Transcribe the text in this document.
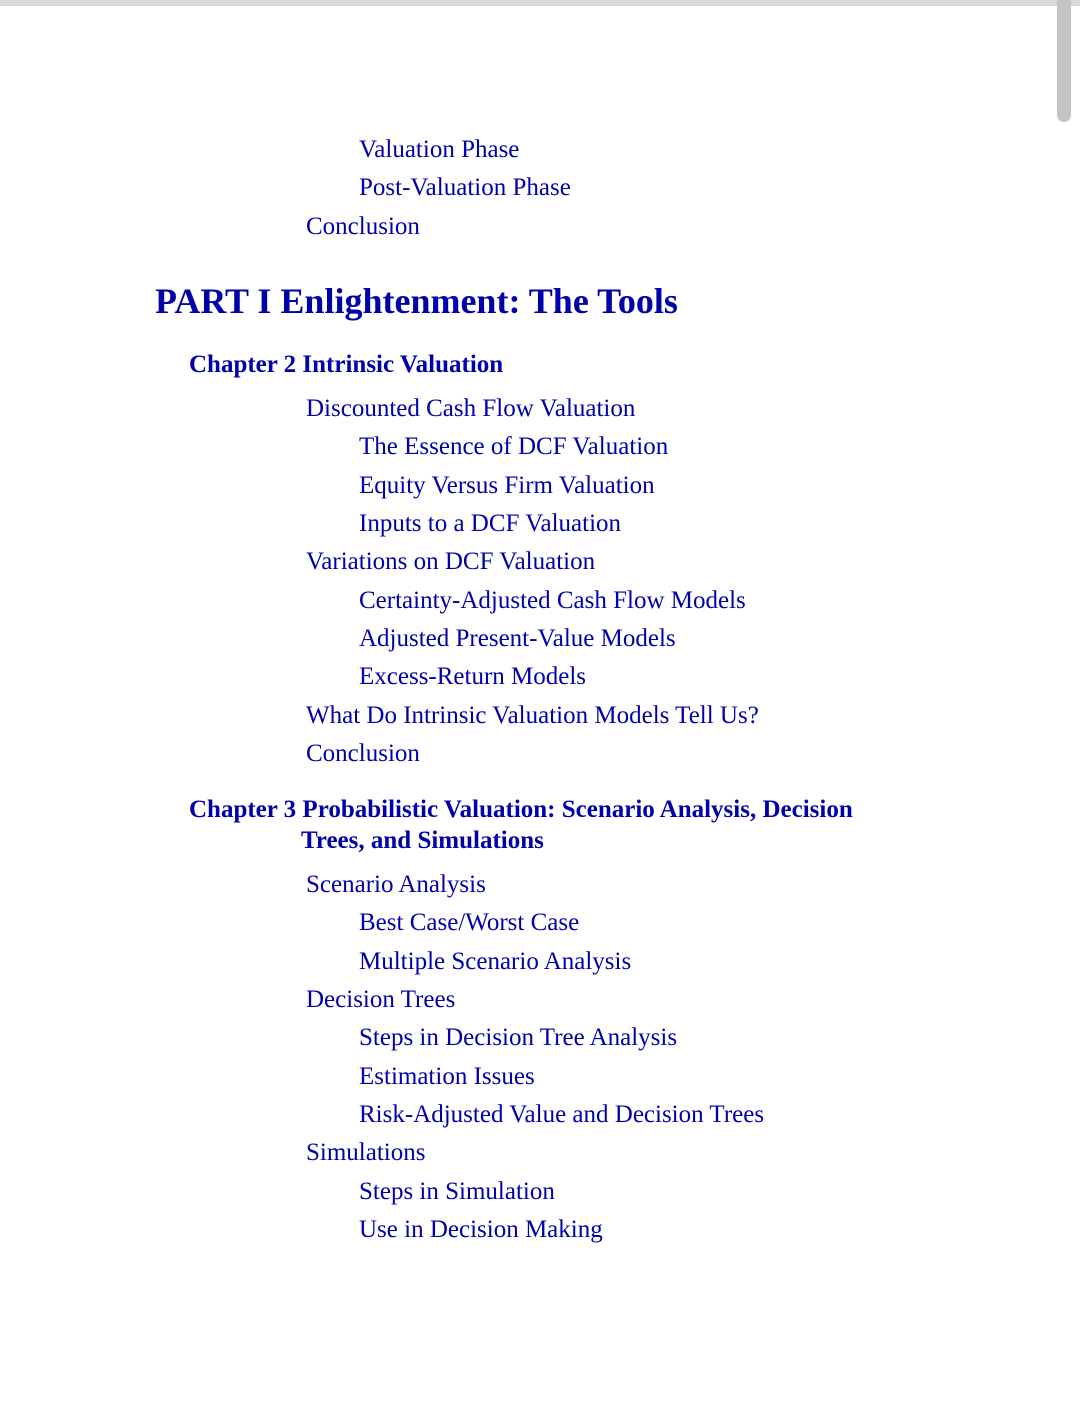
Valuation Phase
Post-Valuation Phase
Conclusion
PART I Enlightenment: The Tools
Chapter 2 Intrinsic Valuation
Discounted Cash Flow Valuation
The Essence of DCF Valuation
Equity Versus Firm Valuation
Inputs to a DCF Valuation
Variations on DCF Valuation
Certainty-Adjusted Cash Flow Models
Adjusted Present-Value Models
Excess-Return Models
What Do Intrinsic Valuation Models Tell Us?
Conclusion
Chapter 3 Probabilistic Valuation: Scenario Analysis, Decision
Trees, and Simulations
Scenario Analysis
Best Case/Worst Case
Multiple Scenario Analysis
Decision Trees
Steps in Decision Tree Analysis
Estimation Issues
Risk-Adjusted Value and Decision Trees
Simulations
Steps in Simulation
Use in Decision Making
